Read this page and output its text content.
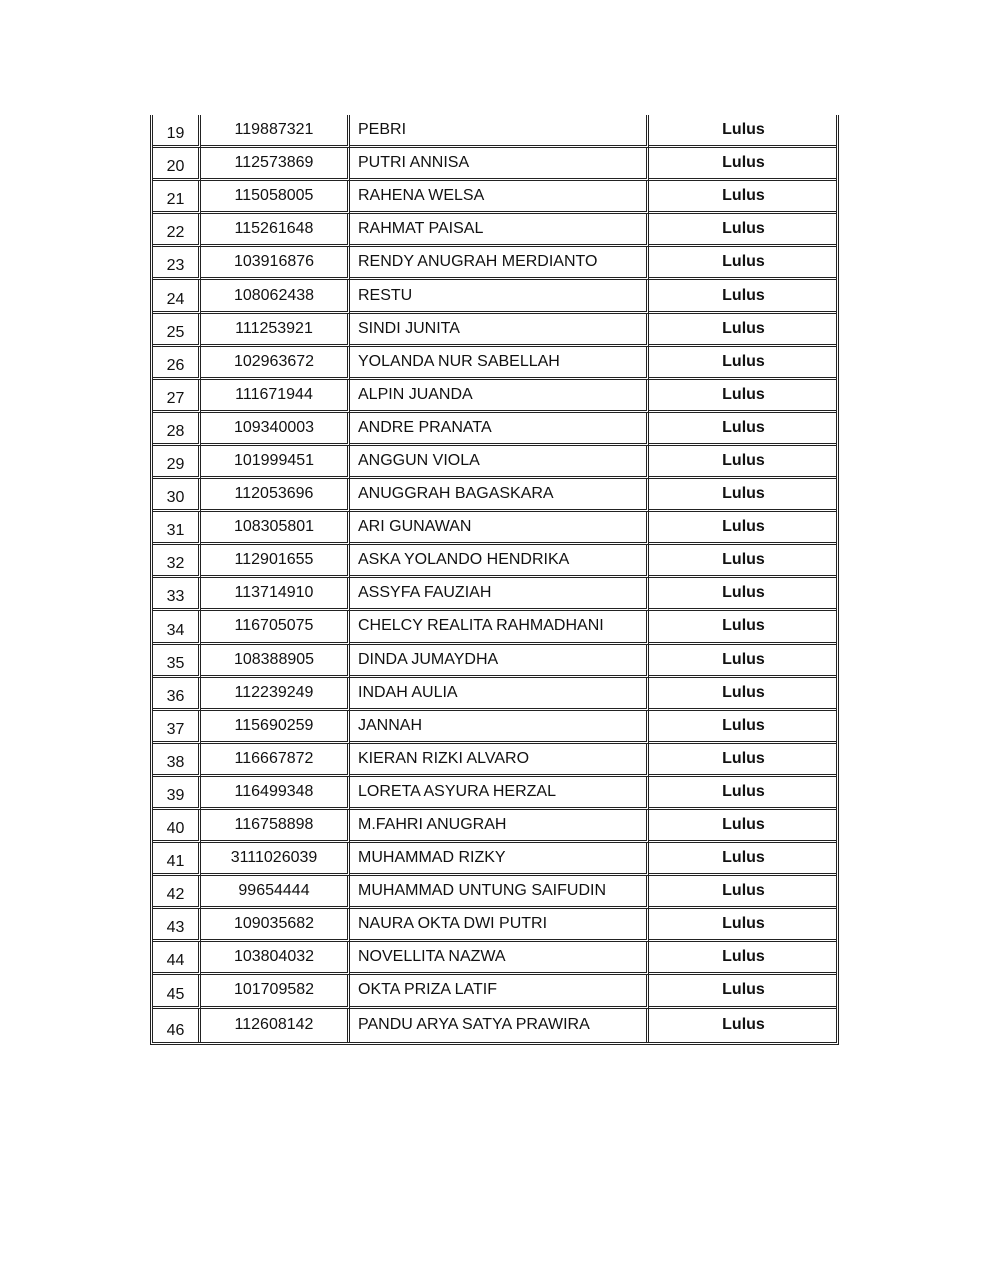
19	119887321	PEBRI	Lulus
20	112573869	PUTRI ANNISA	Lulus
21	115058005	RAHENA WELSA	Lulus
22	115261648	RAHMAT PAISAL	Lulus
23	103916876	RENDY ANUGRAH MERDIANTO	Lulus
24	108062438	RESTU	Lulus
25	111253921	SINDI JUNITA	Lulus
26	102963672	YOLANDA NUR SABELLAH	Lulus
27	111671944	ALPIN JUANDA	Lulus
28	109340003	ANDRE PRANATA	Lulus
29	101999451	ANGGUN VIOLA	Lulus
30	112053696	ANUGGRAH BAGASKARA	Lulus
31	108305801	ARI GUNAWAN	Lulus
32	112901655	ASKA YOLANDO HENDRIKA	Lulus
33	113714910	ASSYFA FAUZIAH	Lulus
34	116705075	CHELCY REALITA RAHMADHANI	Lulus
35	108388905	DINDA JUMAYDHA	Lulus
36	112239249	INDAH AULIA	Lulus
37	115690259	JANNAH	Lulus
38	116667872	KIERAN RIZKI ALVARO	Lulus
39	116499348	LORETA ASYURA HERZAL	Lulus
40	116758898	M.FAHRI ANUGRAH	Lulus
41	3111026039	MUHAMMAD RIZKY	Lulus
42	99654444	MUHAMMAD UNTUNG SAIFUDIN	Lulus
43	109035682	NAURA OKTA DWI PUTRI	Lulus
44	103804032	NOVELLITA NAZWA	Lulus
45	101709582	OKTA PRIZA LATIF	Lulus
46	112608142	PANDU ARYA SATYA PRAWIRA	Lulus
